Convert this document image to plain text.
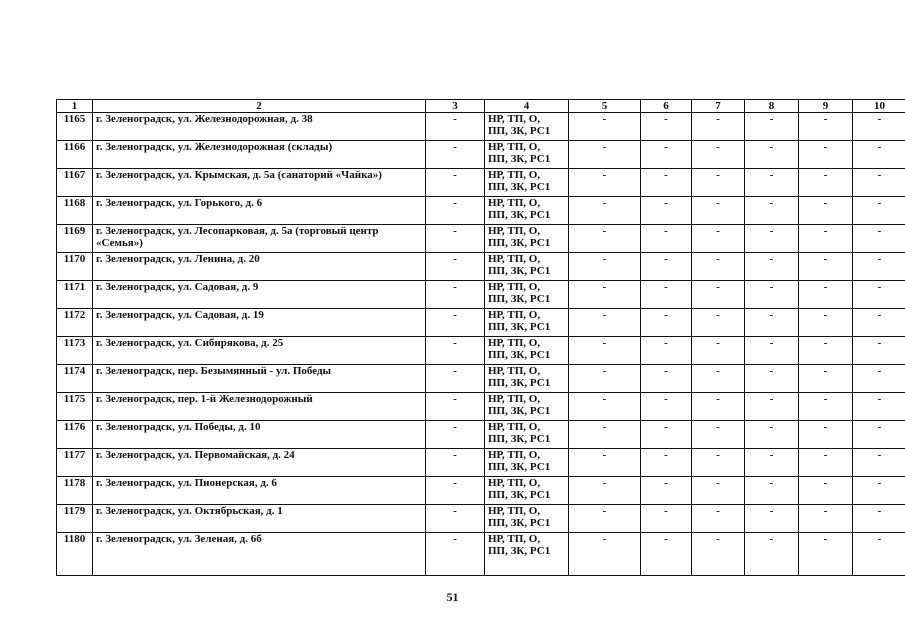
1	2	3	4	5	6	7	8	9	10
1165	г. Зеленоградск, ул. Железнодорожная, д. 38	-	НР, ТП, О,
ПП, ЗК, РС1	-	-	-	-	-	-
1166	г. Зеленоградск, ул. Железнодорожная (склады)	-	НР, ТП, О,
ПП, ЗК, РС1	-	-	-	-	-	-
1167	г. Зеленоградск, ул. Крымская, д. 5а (санаторий «Чайка»)	-	НР, ТП, О,
ПП, ЗК, РС1	-	-	-	-	-	-
1168	г. Зеленоградск, ул. Горького, д. 6	-	НР, ТП, О,
ПП, ЗК, РС1	-	-	-	-	-	-
1169	г. Зеленоградск, ул. Лесопарковая, д. 5а (торговый центр «Семья»)	-	НР, ТП, О,
ПП, ЗК, РС1	-	-	-	-	-	-
1170	г. Зеленоградск, ул. Ленина, д. 20	-	НР, ТП, О,
ПП, ЗК, РС1	-	-	-	-	-	-
1171	г. Зеленоградск, ул. Садовая, д. 9	-	НР, ТП, О,
ПП, ЗК, РС1	-	-	-	-	-	-
1172	г. Зеленоградск, ул. Садовая, д. 19	-	НР, ТП, О,
ПП, ЗК, РС1	-	-	-	-	-	-
1173	г. Зеленоградск, ул. Сибирякова, д. 25	-	НР, ТП, О,
ПП, ЗК, РС1	-	-	-	-	-	-
1174	г. Зеленоградск, пер. Безымянный - ул. Победы	-	НР, ТП, О,
ПП, ЗК, РС1	-	-	-	-	-	-
1175	г. Зеленоградск, пер. 1-й Железнодорожный	-	НР, ТП, О,
ПП, ЗК, РС1	-	-	-	-	-	-
1176	г. Зеленоградск, ул. Победы, д. 10	-	НР, ТП, О,
ПП, ЗК, РС1	-	-	-	-	-	-
1177	г. Зеленоградск, ул. Первомайская, д. 24	-	НР, ТП, О,
ПП, ЗК, РС1	-	-	-	-	-	-
1178	г. Зеленоградск, ул. Пионерская, д. 6	-	НР, ТП, О,
ПП, ЗК, РС1	-	-	-	-	-	-
1179	г. Зеленоградск, ул. Октябрьская, д. 1	-	НР, ТП, О,
ПП, ЗК, РС1	-	-	-	-	-	-
1180	г. Зеленоградск, ул. Зеленая, д. 6б	-	НР, ТП, О,
ПП, ЗК, РС1	-	-	-	-	-	-
51
